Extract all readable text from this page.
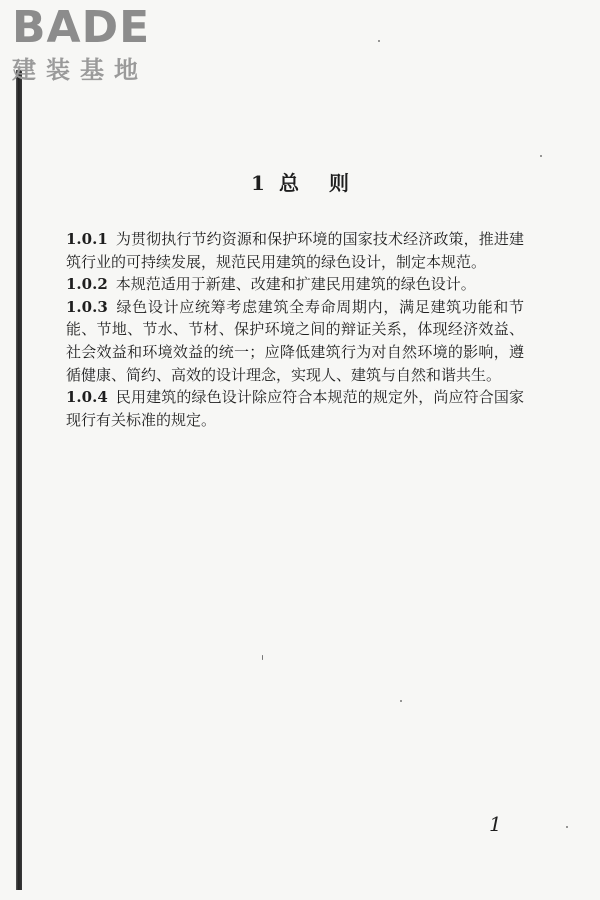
BADE
建装基地
1 总 则

1.0.1 为贯彻执行节约资源和保护环境的国家技术经济政策，推进建筑行业的可持续发展，规范民用建筑的绿色设计，制定本规范。

1.0.2 本规范适用于新建、改建和扩建民用建筑的绿色设计。

1.0.3 绿色设计应统筹考虑建筑全寿命周期内，满足建筑功能和节能、节地、节水、节材、保护环境之间的辩证关系，体现经济效益、社会效益和环境效益的统一；应降低建筑行为对自然环境的影响，遵循健康、简约、高效的设计理念，实现人、建筑与自然和谐共生。

1.0.4 民用建筑的绿色设计除应符合本规范的规定外，尚应符合国家现行有关标准的规定。

1
